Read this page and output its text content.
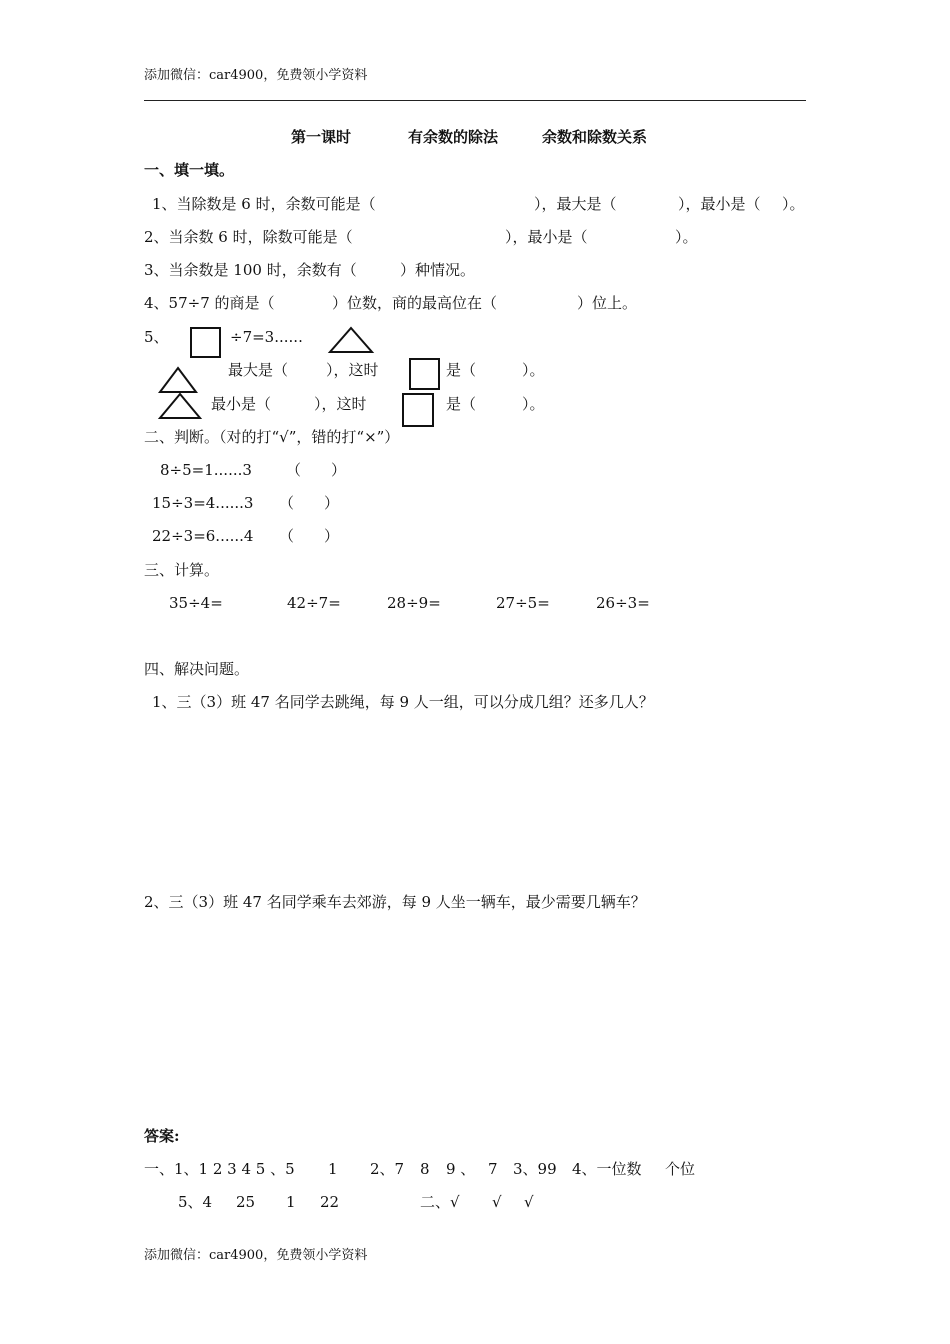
添加微信：car4900，免费领小学资料
第一课时	有余数的除法	余数和除数关系
一、填一填。
1、当除数是 6 时，余数可能是（	），最大是（	），最小是（ ）。
2、当余数 6 时，除数可能是（	），最小是（	）。
3、当余数是 100 时，余数有（	）种情况。
4、57÷7 的商是（	）位数，商的最高位在（	）位上。
5、	÷7=3......
最大是（	），这时	是（	）。
最小是（	），这时	是（	）。
二、判断。（对的打“√”，错的打“×”）
8÷5=1......3 （　　）
15÷3=4......3 （　　）
22÷3=6......4 （　　）
三、计算。
35÷4=	42÷7=	28÷9=	27÷5=	26÷3=
四、解决问题。
1、三（3）班 47 名同学去跳绳，每 9 人一组，可以分成几组？还多几人？
2、三（3）班 47 名同学乘车去郊游，每 9 人坐一辆车，最少需要几辆车？
答案:
一、1、1 2 3 4 5 、5 1 2、7 8 9 、 7 3、99 4、一位数 个位
5、4 25 1 22	二、√ √ √
添加微信：car4900，免费领小学资料
